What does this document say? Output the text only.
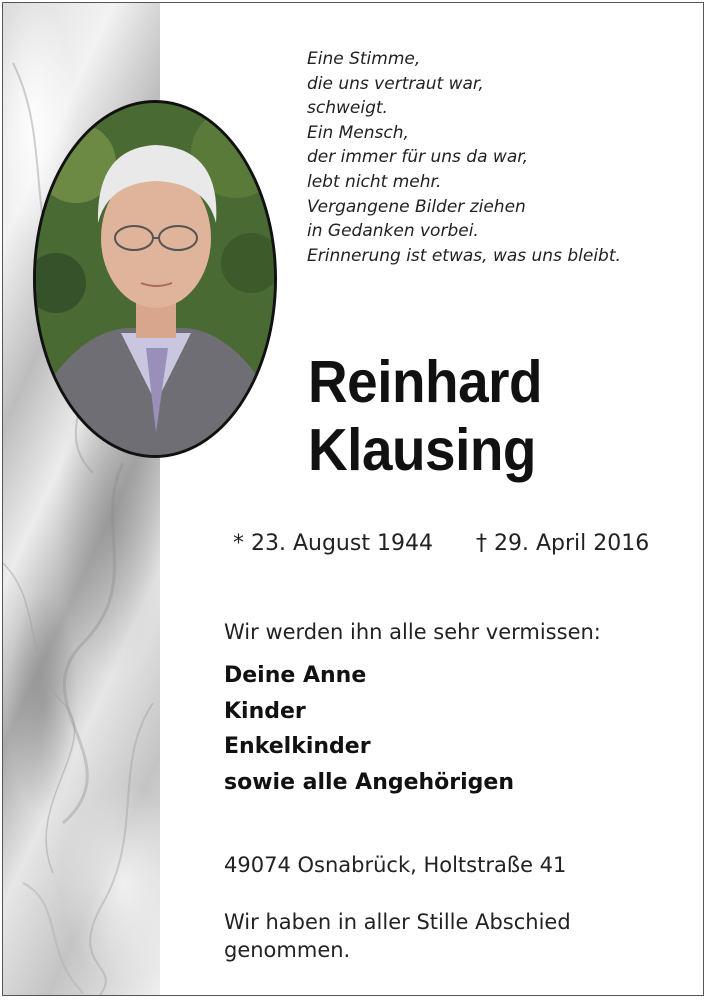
Eine Stimme,
die uns vertraut war,
schweigt.
Ein Mensch,
der immer für uns da war,
lebt nicht mehr.
Vergangene Bilder ziehen
in Gedanken vorbei.
Erinnerung ist etwas, was uns bleibt.
Reinhard
Klausing
* 23. August 1944 † 29. April 2016
Wir werden ihn alle sehr vermissen:
Deine Anne
Kinder
Enkelkinder
sowie alle Angehörigen
49074 Osnabrück, Holtstraße 41
Wir haben in aller Stille Abschied
genommen.
